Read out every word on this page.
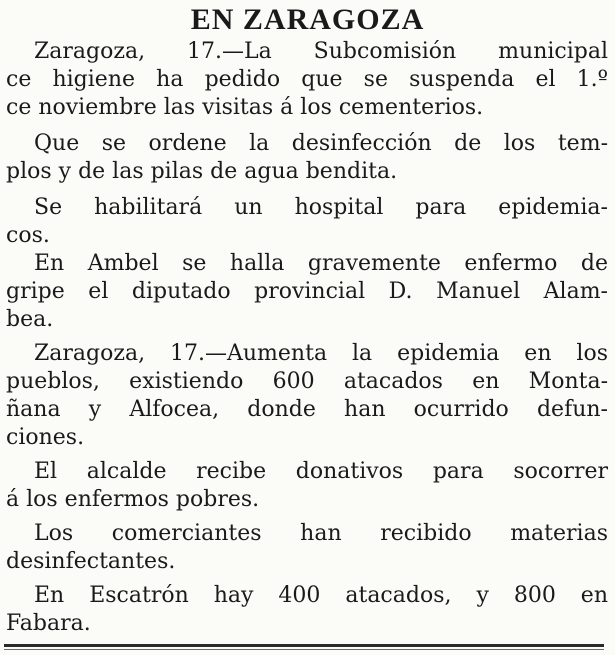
EN ZARAGOZA
Zaragoza, 17.—La Subcomisión municipal
ce higiene ha pedido que se suspenda el 1.º
ce noviembre las visitas á los cementerios.
Que se ordene la desinfección de los tem-
plos y de las pilas de agua bendita.
Se habilitará un hospital para epidemia-
cos.
En Ambel se halla gravemente enfermo de
gripe el diputado provincial D. Manuel Alam-
bea.
Zaragoza, 17.—Aumenta la epidemia en los
pueblos, existiendo 600 atacados en Monta-
ñana y Alfocea, donde han ocurrido defun-
ciones.
El alcalde recibe donativos para socorrer
á los enfermos pobres.
Los comerciantes han recibido materias
desinfectantes.
En Escatrón hay 400 atacados, y 800 en
Fabara.
